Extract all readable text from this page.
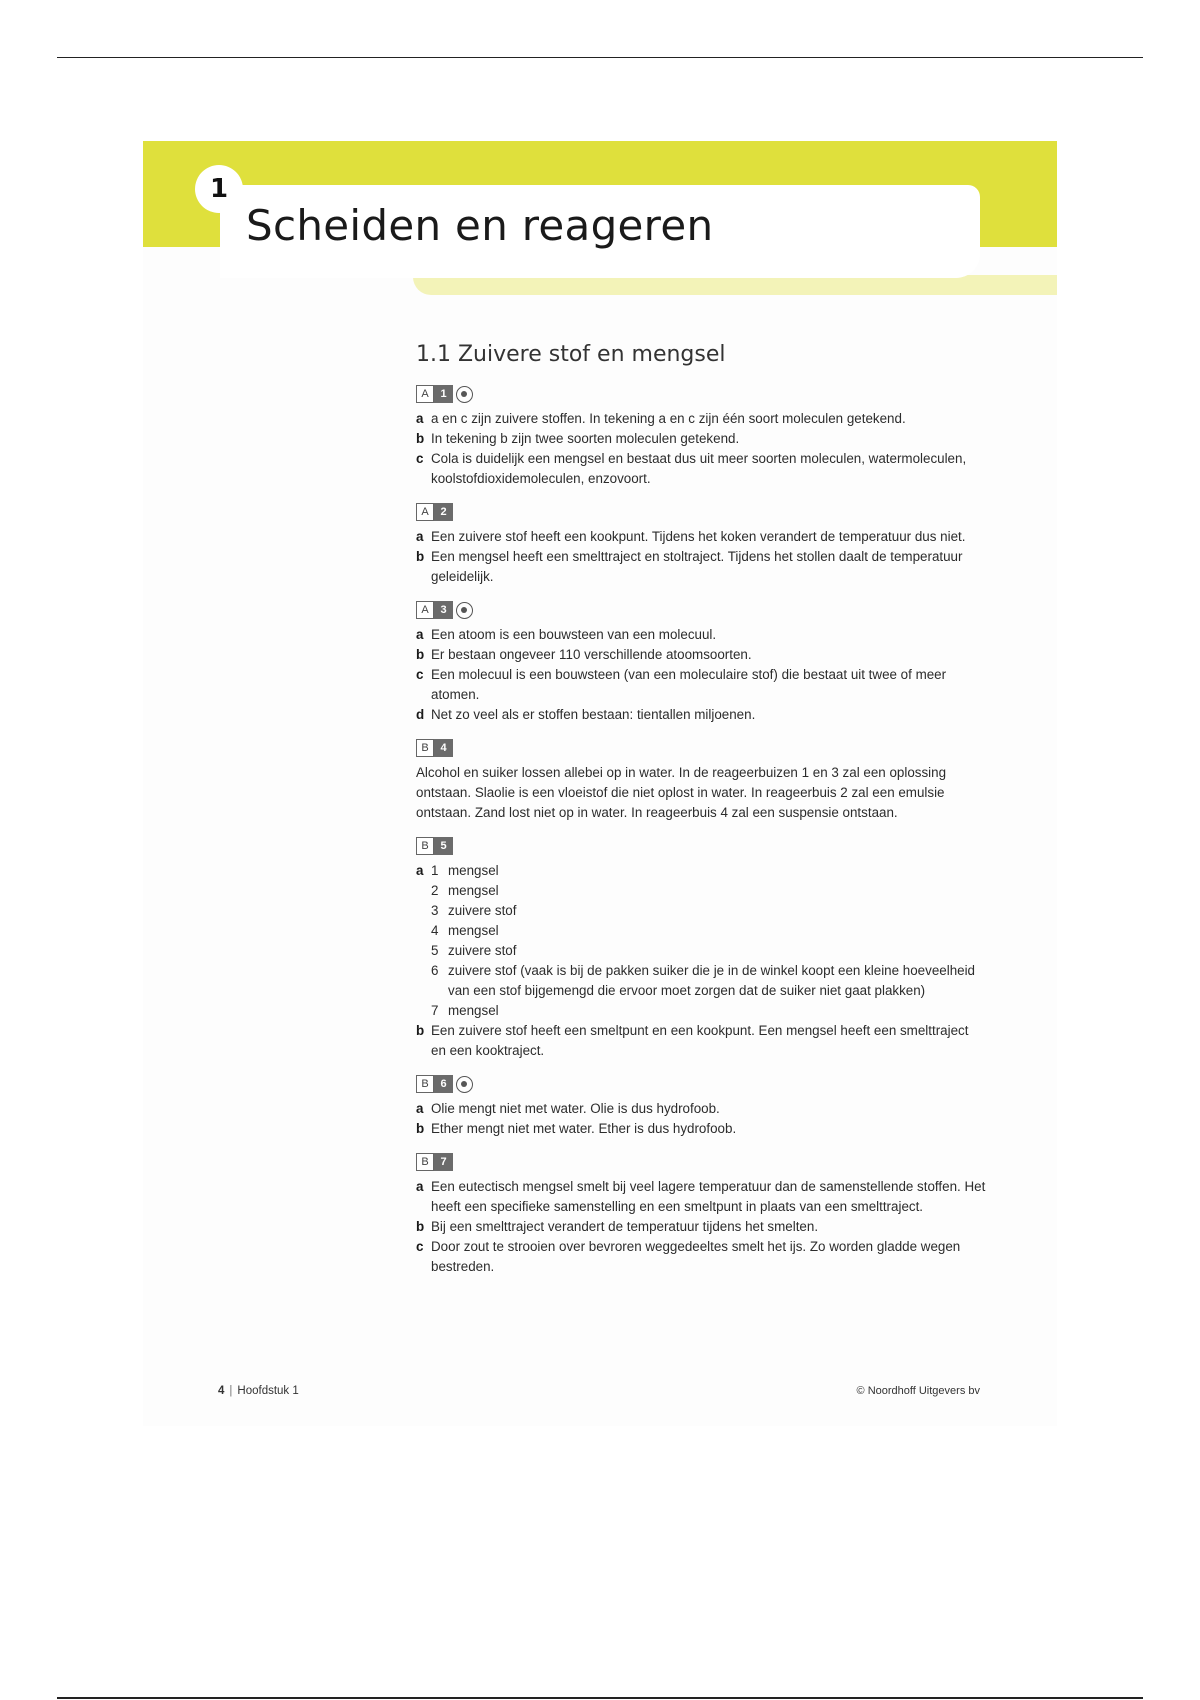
1
Scheiden en reageren
1.1 Zuivere stof en mengsel
A	1
a a en c zijn zuivere stoffen. In tekening a en c zijn één soort moleculen getekend.
b In tekening b zijn twee soorten moleculen getekend.
c Cola is duidelijk een mengsel en bestaat dus uit meer soorten moleculen, watermoleculen, koolstofdioxidemoleculen, enzovoort.
A	2
a Een zuivere stof heeft een kookpunt. Tijdens het koken verandert de temperatuur dus niet.
b Een mengsel heeft een smelttraject en stoltraject. Tijdens het stollen daalt de temperatuur geleidelijk.
A	3
a Een atoom is een bouwsteen van een molecuul.
b Er bestaan ongeveer 110 verschillende atoomsoorten.
c Een molecuul is een bouwsteen (van een moleculaire stof) die bestaat uit twee of meer atomen.
d Net zo veel als er stoffen bestaan: tientallen miljoenen.
B	4

Alcohol en suiker lossen allebei op in water. In de reageerbuizen 1 en 3 zal een oplossing ontstaan. Slaolie is een vloeistof die niet oplost in water. In reageerbuis 2 zal een emulsie ontstaan. Zand lost niet op in water. In reageerbuis 4 zal een suspensie ontstaan.

B	5
a 1 mengsel
2 mengsel
3 zuivere stof
4 mengsel
5 zuivere stof
6 zuivere stof (vaak is bij de pakken suiker die je in de winkel koopt een kleine hoeveelheid van een stof bijgemengd die ervoor moet zorgen dat de suiker niet gaat plakken)
7 mengsel
b Een zuivere stof heeft een smeltpunt en een kookpunt. Een mengsel heeft een smelttraject en een kooktraject.
B	6
a Olie mengt niet met water. Olie is dus hydrofoob.
b Ether mengt niet met water. Ether is dus hydrofoob.
B	7
a Een eutectisch mengsel smelt bij veel lagere temperatuur dan de samenstellende stoffen. Het heeft een specifieke samenstelling en een smeltpunt in plaats van een smelttraject.
b Bij een smelttraject verandert de temperatuur tijdens het smelten.
c Door zout te strooien over bevroren weggedeeltes smelt het ijs. Zo worden gladde wegen bestreden.
4 | Hoofdstuk 1	© Noordhoff Uitgevers bv
